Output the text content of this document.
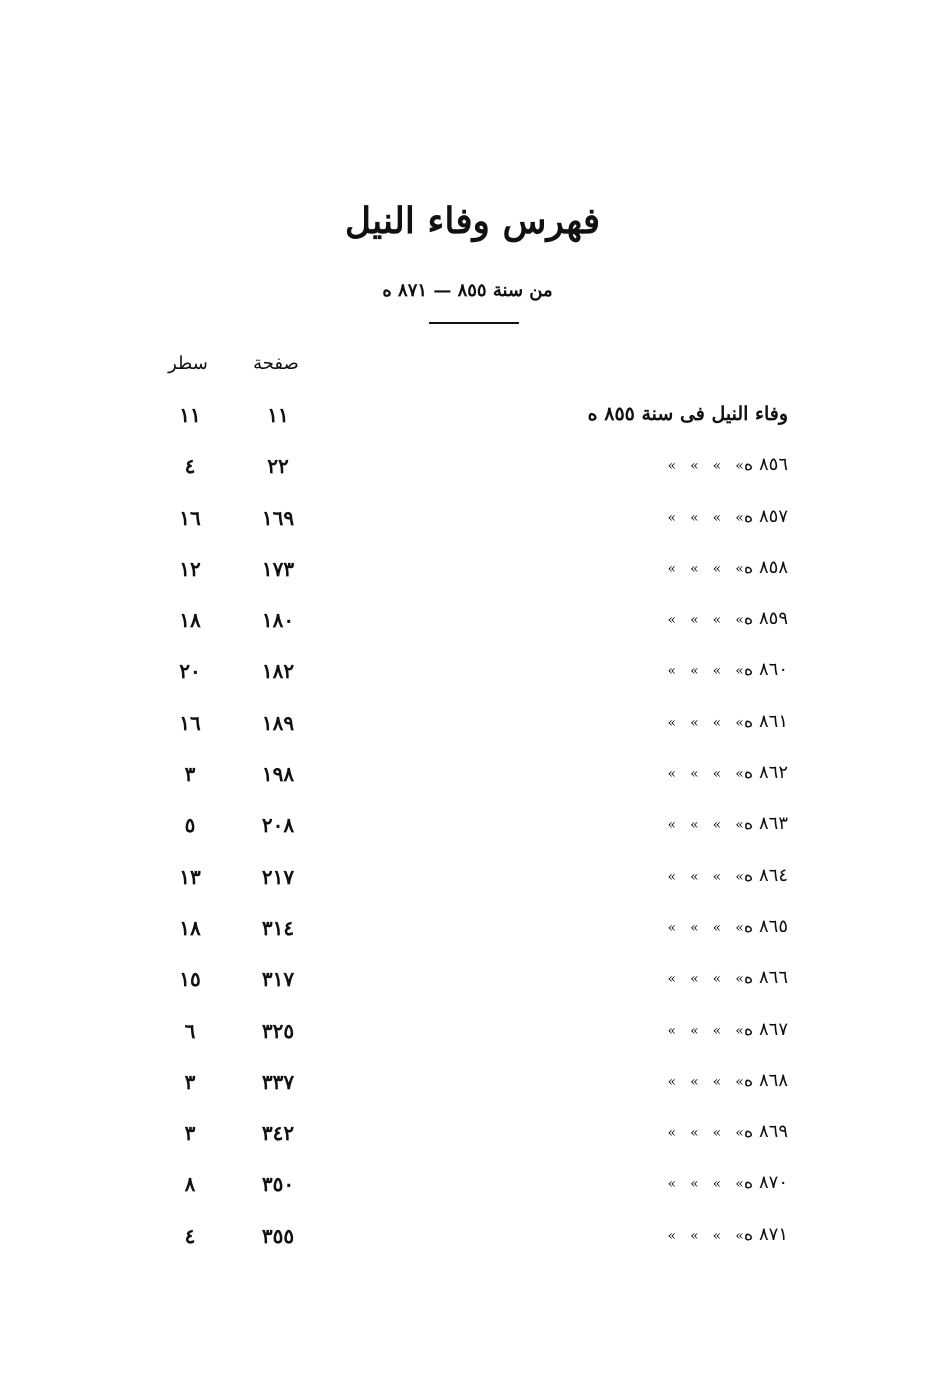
فهرس وفاء النيل
من سنة ٨٥٥ — ٨٧١ ه
صفحة
سطر
وفاء النيل فى سنة ٨٥٥ ه
١١
١١
٨٥٦ ه»»»»
٢٢
٤
٨٥٧ ه»»»»
١٦٩
١٦
٨٥٨ ه»»»»
١٧٣
١٢
٨٥٩ ه»»»»
١٨٠
١٨
٨٦٠ ه»»»»
١٨٢
٢٠
٨٦١ ه»»»»
١٨٩
١٦
٨٦٢ ه»»»»
١٩٨
٣
٨٦٣ ه»»»»
٢٠٨
٥
٨٦٤ ه»»»»
٢١٧
١٣
٨٦٥ ه»»»»
٣١٤
١٨
٨٦٦ ه»»»»
٣١٧
١٥
٨٦٧ ه»»»»
٣٢٥
٦
٨٦٨ ه»»»»
٣٣٧
٣
٨٦٩ ه»»»»
٣٤٢
٣
٨٧٠ ه»»»»
٣٥٠
٨
٨٧١ ه»»»»
٣٥٥
٤
